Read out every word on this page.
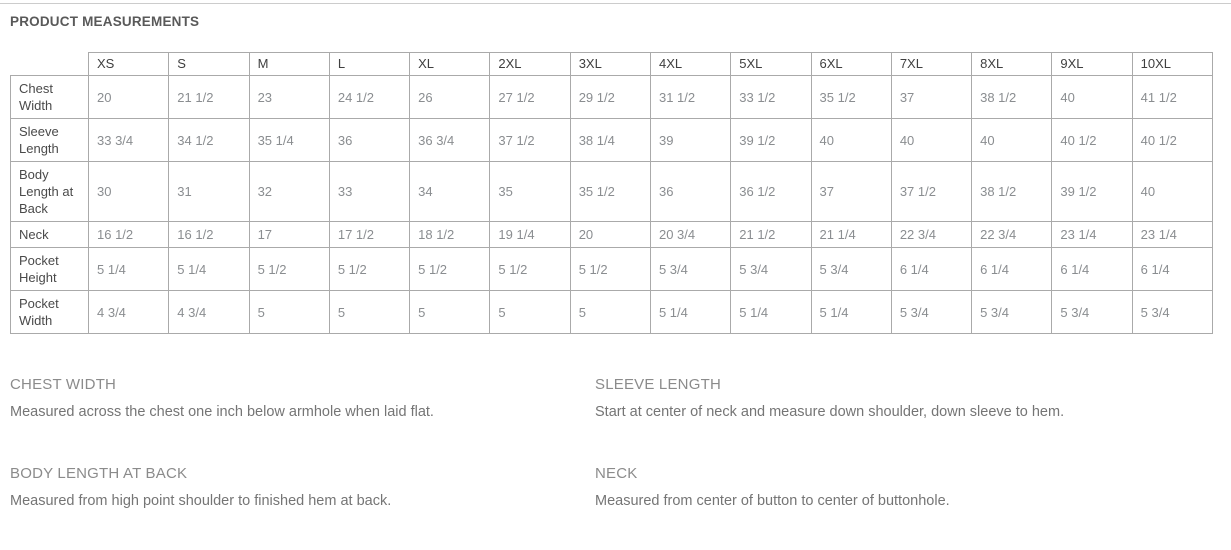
PRODUCT MEASUREMENTS
	XS	S	M	L	XL	2XL	3XL	4XL	5XL	6XL	7XL	8XL	9XL	10XL
Chest Width	20	21 1/2	23	24 1/2	26	27 1/2	29 1/2	31 1/2	33 1/2	35 1/2	37	38 1/2	40	41 1/2
Sleeve Length	33 3/4	34 1/2	35 1/4	36	36 3/4	37 1/2	38 1/4	39	39 1/2	40	40	40	40 1/2	40 1/2
Body Length at Back	30	31	32	33	34	35	35 1/2	36	36 1/2	37	37 1/2	38 1/2	39 1/2	40
Neck	16 1/2	16 1/2	17	17 1/2	18 1/2	19 1/4	20	20 3/4	21 1/2	21 1/4	22 3/4	22 3/4	23 1/4	23 1/4
Pocket Height	5 1/4	5 1/4	5 1/2	5 1/2	5 1/2	5 1/2	5 1/2	5 3/4	5 3/4	5 3/4	6 1/4	6 1/4	6 1/4	6 1/4
Pocket Width	4 3/4	4 3/4	5	5	5	5	5	5 1/4	5 1/4	5 1/4	5 3/4	5 3/4	5 3/4	5 3/4
CHEST WIDTH

Measured across the chest one inch below armhole when laid flat.

SLEEVE LENGTH

Start at center of neck and measure down shoulder, down sleeve to hem.

BODY LENGTH AT BACK

Measured from high point shoulder to finished hem at back.

NECK

Measured from center of button to center of buttonhole.
